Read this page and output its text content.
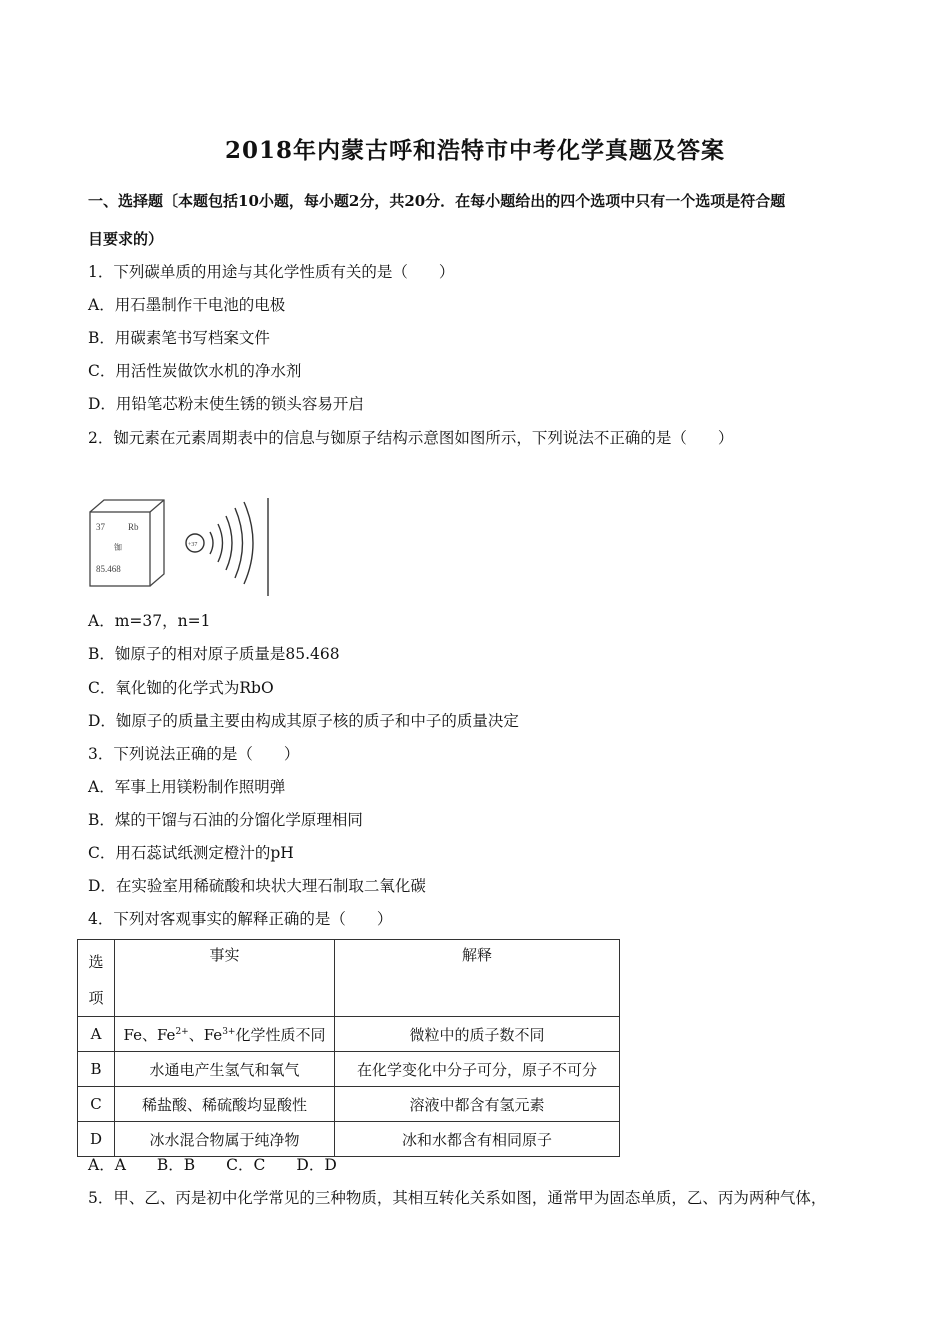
2018年内蒙古呼和浩特市中考化学真题及答案
一、选择题〔本题包括10小题，每小题2分，共20分．在每小题给出的四个选项中只有一个选项是符合题
目要求的）
1．下列碳单质的用途与其化学性质有关的是（　　）
A．用石墨制作干电池的电极
B．用碳素笔书写档案文件
C．用活性炭做饮水机的净水剂
D．用铅笔芯粉末使生锈的锁头容易开启
2．铷元素在元素周期表中的信息与铷原子结构示意图如图所示，下列说法不正确的是（　　）
37	Rb
铷
85.468
+37
A．m=37，n=1
B．铷原子的相对原子质量是85.468
C．氧化铷的化学式为RbO
D．铷原子的质量主要由构成其原子核的质子和中子的质量决定
3．下列说法正确的是（　　）
A．军事上用镁粉制作照明弹
B．煤的干馏与石油的分馏化学原理相同
C．用石蕊试纸测定橙汁的pH
D．在实验室用稀硫酸和块状大理石制取二氧化碳
4．下列对客观事实的解释正确的是（　　）
选
项	事实	解释
A	Fe、$Fe^{2+}$、$Fe^{3+}$化学性质不同	微粒中的质子数不同
B	水通电产生氢气和氧气	在化学变化中分子可分，原子不可分
C	稀盐酸、稀硫酸均显酸性	溶液中都含有氢元素
D	冰水混合物属于纯净物	冰和水都含有相同原子
A．A　　B．B　　C．C　　D．D
5．甲、乙、丙是初中化学常见的三种物质，其相互转化关系如图，通常甲为固态单质，乙、丙为两种气体，
